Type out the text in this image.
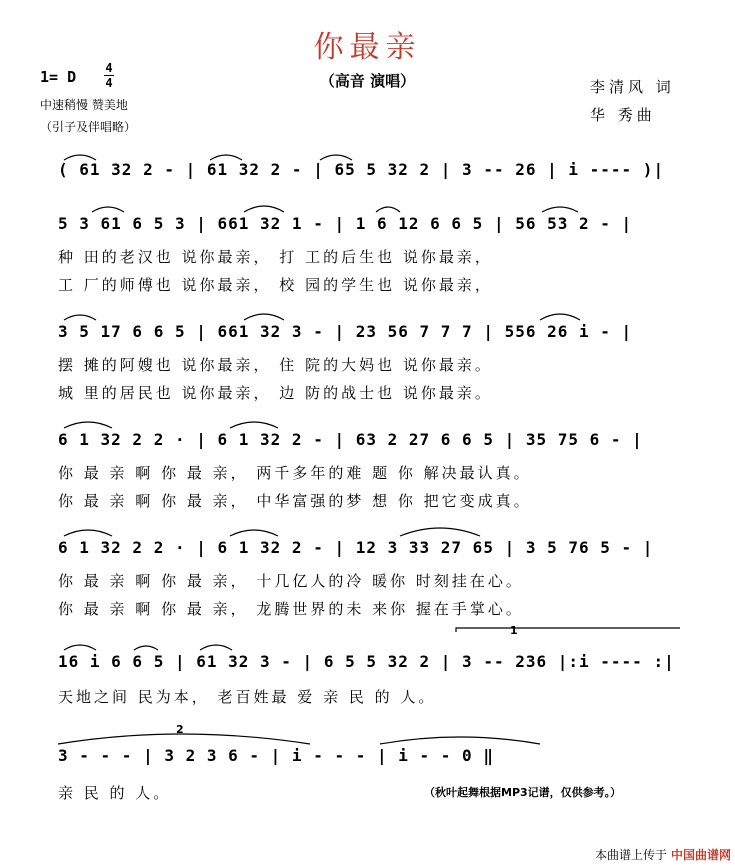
你最亲
（高音 演唱）
1= D 4
4
中速稍慢 赞美地
（引子及伴唱略）
李清风 词
华 秀曲
( 61 32 2 - | 61 32 2 - | 65 5 32 2 | 3 -- 26 | i ---- )|
5 3 61 6 5 3 | 661 32 1 - | 1 6 12 6 6 5 | 56 53 2 - |
种 田的老汉也 说你最亲， 打 工的后生也 说你最亲，
工 厂的师傅也 说你最亲， 校 园的学生也 说你最亲，
3 5 17 6 6 5 | 661 32 3 - | 23 56 7 7 7 | 556 26 i - |
摆 摊的阿嫂也 说你最亲， 住 院的大妈也 说你最亲。
城 里的居民也 说你最亲， 边 防的战士也 说你最亲。
6 1 32 2 2 · | 6 1 32 2 - | 63 2 27 6 6 5 | 35 75 6 - |
你 最 亲 啊 你 最 亲， 两千多年的难 题 你 解决最认真。
你 最 亲 啊 你 最 亲， 中华富强的梦 想 你 把它变成真。
6 1 32 2 2 · | 6 1 32 2 - | 12 3 33 27 65 | 3 5 76 5 - |
你 最 亲 啊 你 最 亲， 十几亿人的冷 暖你 时刻挂在心。
你 最 亲 啊 你 最 亲， 龙腾世界的未 来你 握在手掌心。
16 i 6 6 5 | 61 32 3 - | 6 5 5 32 2 | 3 -- 236 |:i ---- :|
天地之间 民为本， 老百姓最 爱 亲 民 的 人。
3 - - - | 3 2 3 6 - | i - - - | i - - 0 ‖
亲 民 的 人。	（秋叶起舞根据MP3记谱，仅供参考。）
1
2
本曲谱上传于 中国曲谱网
